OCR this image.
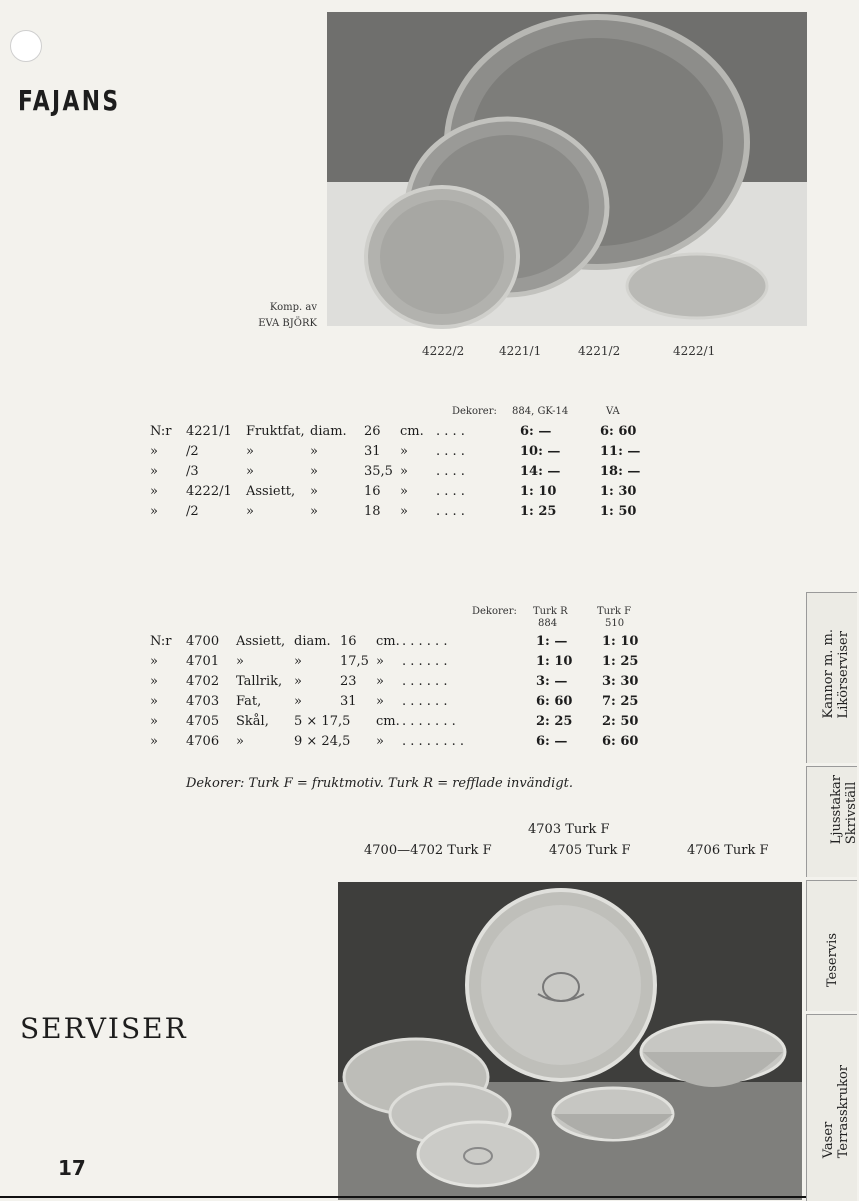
FAJANS
Komp. av
EVA BJÖRK
4222/2	4221/1	4221/2	4222/1
Dekorer: 884, GK-14	VA
N:r 4221/1 Fruktfat, diam. 26 cm. . . . .	6: —	6: 60
» /2	»	»	31 » . . . .	10: —	11: —
» /3	»	»	35,5 » . . . .	14: —	18: —
» 4222/1 Assiett, »	16 » . . . .	1: 10	1: 30
» /2	»	»	18 » . . . .	1: 25	1: 50
Dekorer: Turk R
884
Turk F
510
N:r 4700 Assiett, diam. 16 cm. . . . . . .	1: —	1: 10
» 4701 »	»	17,5 » . . . . . .	1: 10 1: 25
» 4702 Tallrik, »	23 » . . . . . .	3: —	3: 30
» 4703 Fat,	»	31 » . . . . . .	6: 60 7: 25
» 4705 Skål, 5 × 17,5 cm. . . . . . . .	2: 25 2: 50
» 4706 »	9 × 24,5 » . . . . . . . .	6: —	6: 60
Dekorer: Turk F = fruktmotiv. Turk R = refflade invändigt.
4703 Turk F
4700—4702 Turk F	4705 Turk F	4706 Turk F
SERVISER
17
Kannor m. m.
Likörserviser
Ljusstakar
Skrivställ
Teservis
Vaser
Terrasskrukor
